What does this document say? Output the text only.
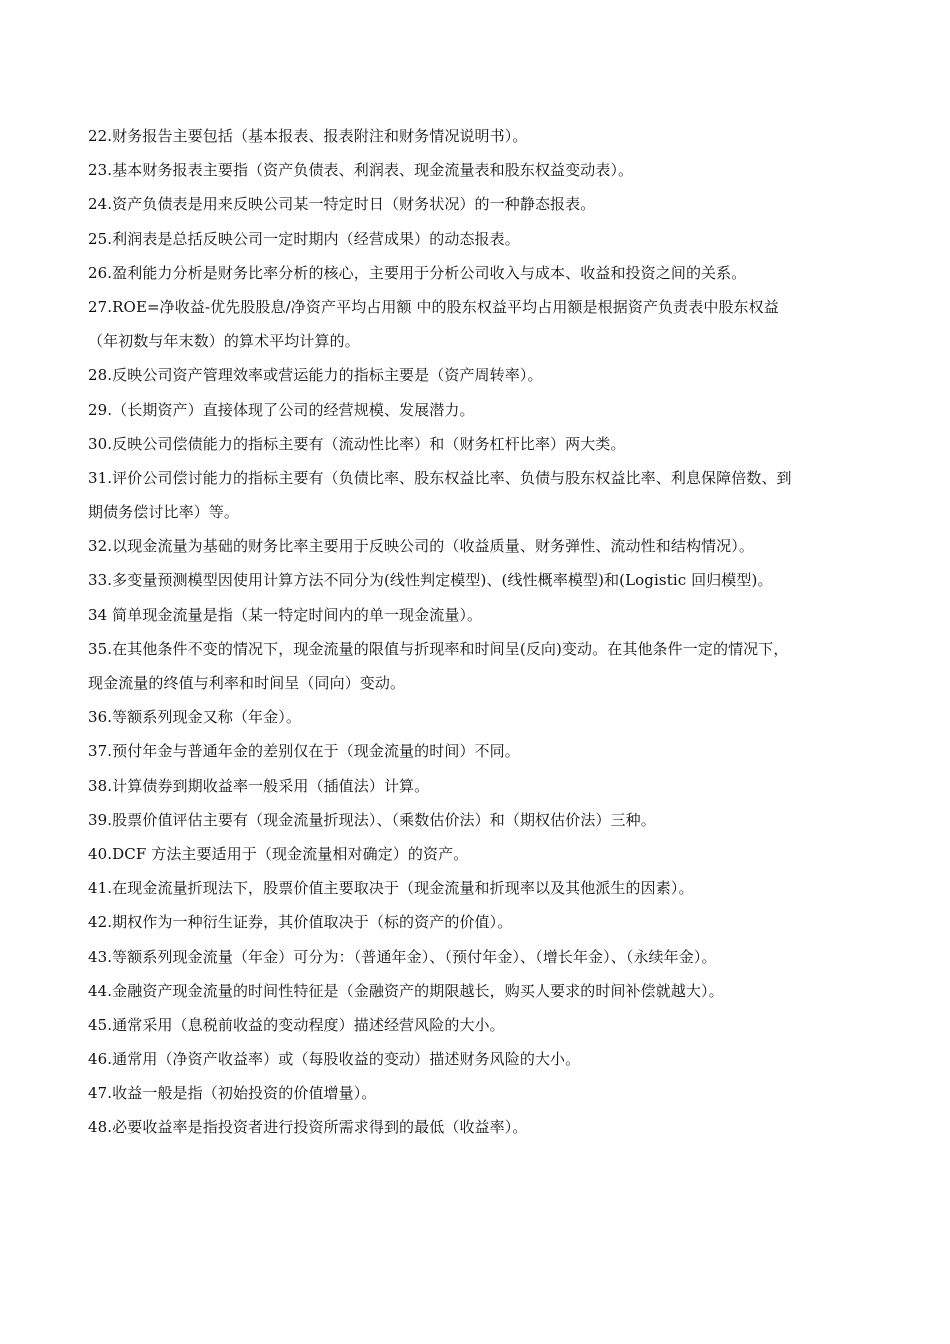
22.财务报告主要包括（基本报表、报表附注和财务情况说明书）。
23.基本财务报表主要指（资产负债表、利润表、现金流量表和股东权益变动表）。
24.资产负债表是用来反映公司某一特定时日（财务状况）的一种静态报表。
25.利润表是总括反映公司一定时期内（经营成果）的动态报表。
26.盈利能力分析是财务比率分析的核心，主要用于分析公司收入与成本、收益和投资之间的关系。
27.ROE=净收益-优先股股息/净资产平均占用额 中的股东权益平均占用额是根据资产负责表中股东权益
（年初数与年末数）的算术平均计算的。
28.反映公司资产管理效率或营运能力的指标主要是（资产周转率）。
29.（长期资产）直接体现了公司的经营规模、发展潜力。
30.反映公司偿债能力的指标主要有（流动性比率）和（财务杠杆比率）两大类。
31.评价公司偿讨能力的指标主要有（负债比率、股东权益比率、负债与股东权益比率、利息保障倍数、到
期债务偿讨比率）等。
32.以现金流量为基础的财务比率主要用于反映公司的（收益质量、财务弹性、流动性和结构情况）。
33.多变量预测模型因使用计算方法不同分为(线性判定模型)、(线性概率模型)和(Logistic 回归模型)。
34 简单现金流量是指（某一特定时间内的单一现金流量）。
35.在其他条件不变的情况下，现金流量的限值与折现率和时间呈(反向)变动。在其他条件一定的情况下，
现金流量的终值与利率和时间呈（同向）变动。
36.等额系列现金又称（年金）。
37.预付年金与普通年金的差别仅在于（现金流量的时间）不同。
38.计算债券到期收益率一般采用（插值法）计算。
39.股票价值评估主要有（现金流量折现法）、（乘数估价法）和（期权估价法）三种。
40.DCF 方法主要适用于（现金流量相对确定）的资产。
41.在现金流量折现法下，股票价值主要取决于（现金流量和折现率以及其他派生的因素）。
42.期权作为一种衍生证券，其价值取决于（标的资产的价值）。
43.等额系列现金流量（年金）可分为：（普通年金）、（预付年金）、（增长年金）、（永续年金）。
44.金融资产现金流量的时间性特征是（金融资产的期限越长，购买人要求的时间补偿就越大）。
45.通常采用（息税前收益的变动程度）描述经营风险的大小。
46.通常用（净资产收益率）或（每股收益的变动）描述财务风险的大小。
47.收益一般是指（初始投资的价值增量）。
48.必要收益率是指投资者进行投资所需求得到的最低（收益率）。
